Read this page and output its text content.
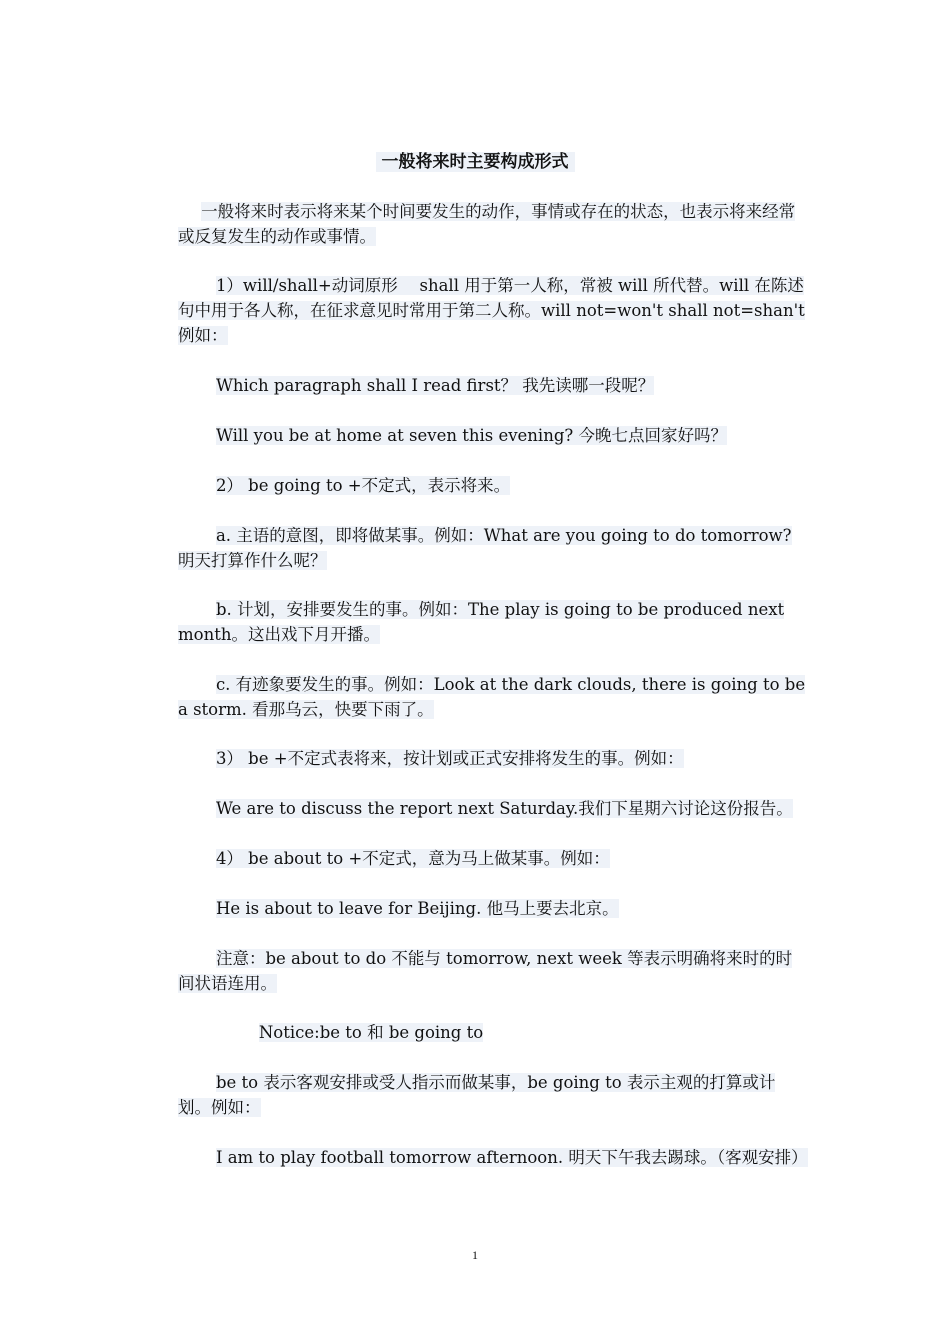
一般将来时主要构成形式

一般将来时表示将来某个时间要发生的动作，事情或存在的状态，也表示将来经常或反复发生的动作或事情。

1）will/shall+动词原形　 shall 用于第一人称，常被 will 所代替。will 在陈述句中用于各人称，在征求意见时常用于第二人称。will not=won't shall not=shan't 例如：

Which paragraph shall I read first？ 我先读哪一段呢？

Will you be at home at seven this evening? 今晚七点回家好吗？

2） be going to +不定式，表示将来。

a. 主语的意图，即将做某事。例如：What are you going to do tomorrow? 明天打算作什么呢？

b. 计划，安排要发生的事。例如：The play is going to be produced next month。这出戏下月开播。

c. 有迹象要发生的事。例如：Look at the dark clouds, there is going to be a storm. 看那乌云，快要下雨了。

3） be +不定式表将来，按计划或正式安排将发生的事。例如：

We are to discuss the report next Saturday.我们下星期六讨论这份报告。

4） be about to +不定式，意为马上做某事。例如：

He is about to leave for Beijing. 他马上要去北京。

注意：be about to do 不能与 tomorrow, next week 等表示明确将来时的时间状语连用。

Notice:be to 和 be going to

be to 表示客观安排或受人指示而做某事，be going to 表示主观的打算或计划。例如：

I am to play football tomorrow afternoon. 明天下午我去踢球。（客观安排）

1
